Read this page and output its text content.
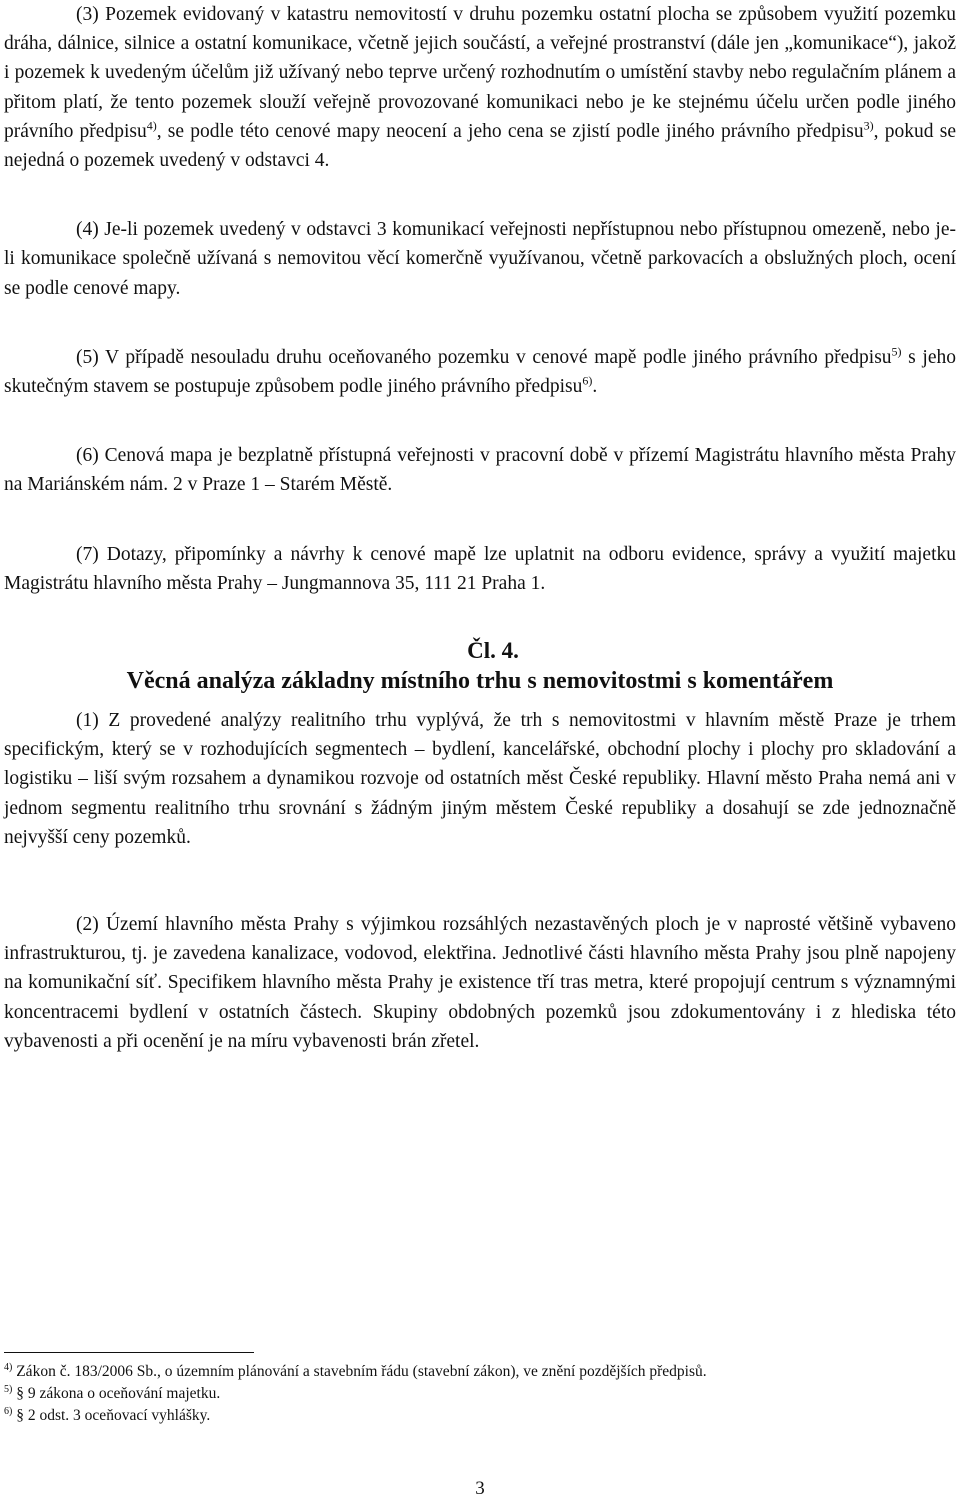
(3) Pozemek evidovaný v katastru nemovitostí v druhu pozemku ostatní plocha se způsobem využití pozemku dráha, dálnice, silnice a ostatní komunikace, včetně jejich součástí, a veřejné prostranství (dále jen „komunikace“), jakož i pozemek k uvedeným účelům již užívaný nebo teprve určený rozhodnutím o umístění stavby nebo regulačním plánem a přitom platí, že tento pozemek slouží veřejně provozované komunikaci nebo je ke stejnému účelu určen podle jiného právního předpisu$^{4)}$, se podle této cenové mapy neocení a jeho cena se zjistí podle jiného právního předpisu$^{3)}$, pokud se nejedná o pozemek uvedený v odstavci 4.

(4) Je-li pozemek uvedený v odstavci 3 komunikací veřejnosti nepřístupnou nebo přístupnou omezeně, nebo je-li komunikace společně užívaná s nemovitou věcí komerčně využívanou, včetně parkovacích a obslužných ploch, ocení se podle cenové mapy.

(5) V případě nesouladu druhu oceňovaného pozemku v cenové mapě podle jiného právního předpisu$^{5)}$ s jeho skutečným stavem se postupuje způsobem podle jiného právního předpisu$^{6)}$.

(6) Cenová mapa je bezplatně přístupná veřejnosti v pracovní době v přízemí Magistrátu hlavního města Prahy na Mariánském nám. 2 v Praze 1 – Starém Městě.

(7) Dotazy, připomínky a návrhy k cenové mapě lze uplatnit na odboru evidence, správy a využití majetku Magistrátu hlavního města Prahy – Jungmannova 35, 111 21 Praha 1.

Čl. 4.

Věcná analýza základny místního trhu s nemovitostmi s komentářem

(1) Z provedené analýzy realitního trhu vyplývá, že trh s nemovitostmi v hlavním městě Praze je trhem specifickým, který se v rozhodujících segmentech – bydlení, kancelářské, obchodní plochy i plochy pro skladování a logistiku – liší svým rozsahem a dynamikou rozvoje od ostatních měst České republiky. Hlavní město Praha nemá ani v jednom segmentu realitního trhu srovnání s žádným jiným městem České republiky a dosahují se zde jednoznačně nejvyšší ceny pozemků.

(2) Území hlavního města Prahy s výjimkou rozsáhlých nezastavěných ploch je v naprosté většině vybaveno infrastrukturou, tj. je zavedena kanalizace, vodovod, elektřina. Jednotlivé části hlavního města Prahy jsou plně napojeny na komunikační síť. Specifikem hlavního města Prahy je existence tří tras metra, které propojují centrum s významnými koncentracemi bydlení v ostatních částech. Skupiny obdobných pozemků jsou zdokumentovány i z hlediska této vybavenosti a při ocenění je na míru vybavenosti brán zřetel.

$^{4)}$ Zákon č. 183/2006 Sb., o územním plánování a stavebním řádu (stavební zákon), ve znění pozdějších předpisů.

$^{5)}$ § 9 zákona o oceňování majetku.

$^{6)}$ § 2 odst. 3 oceňovací vyhlášky.

3
